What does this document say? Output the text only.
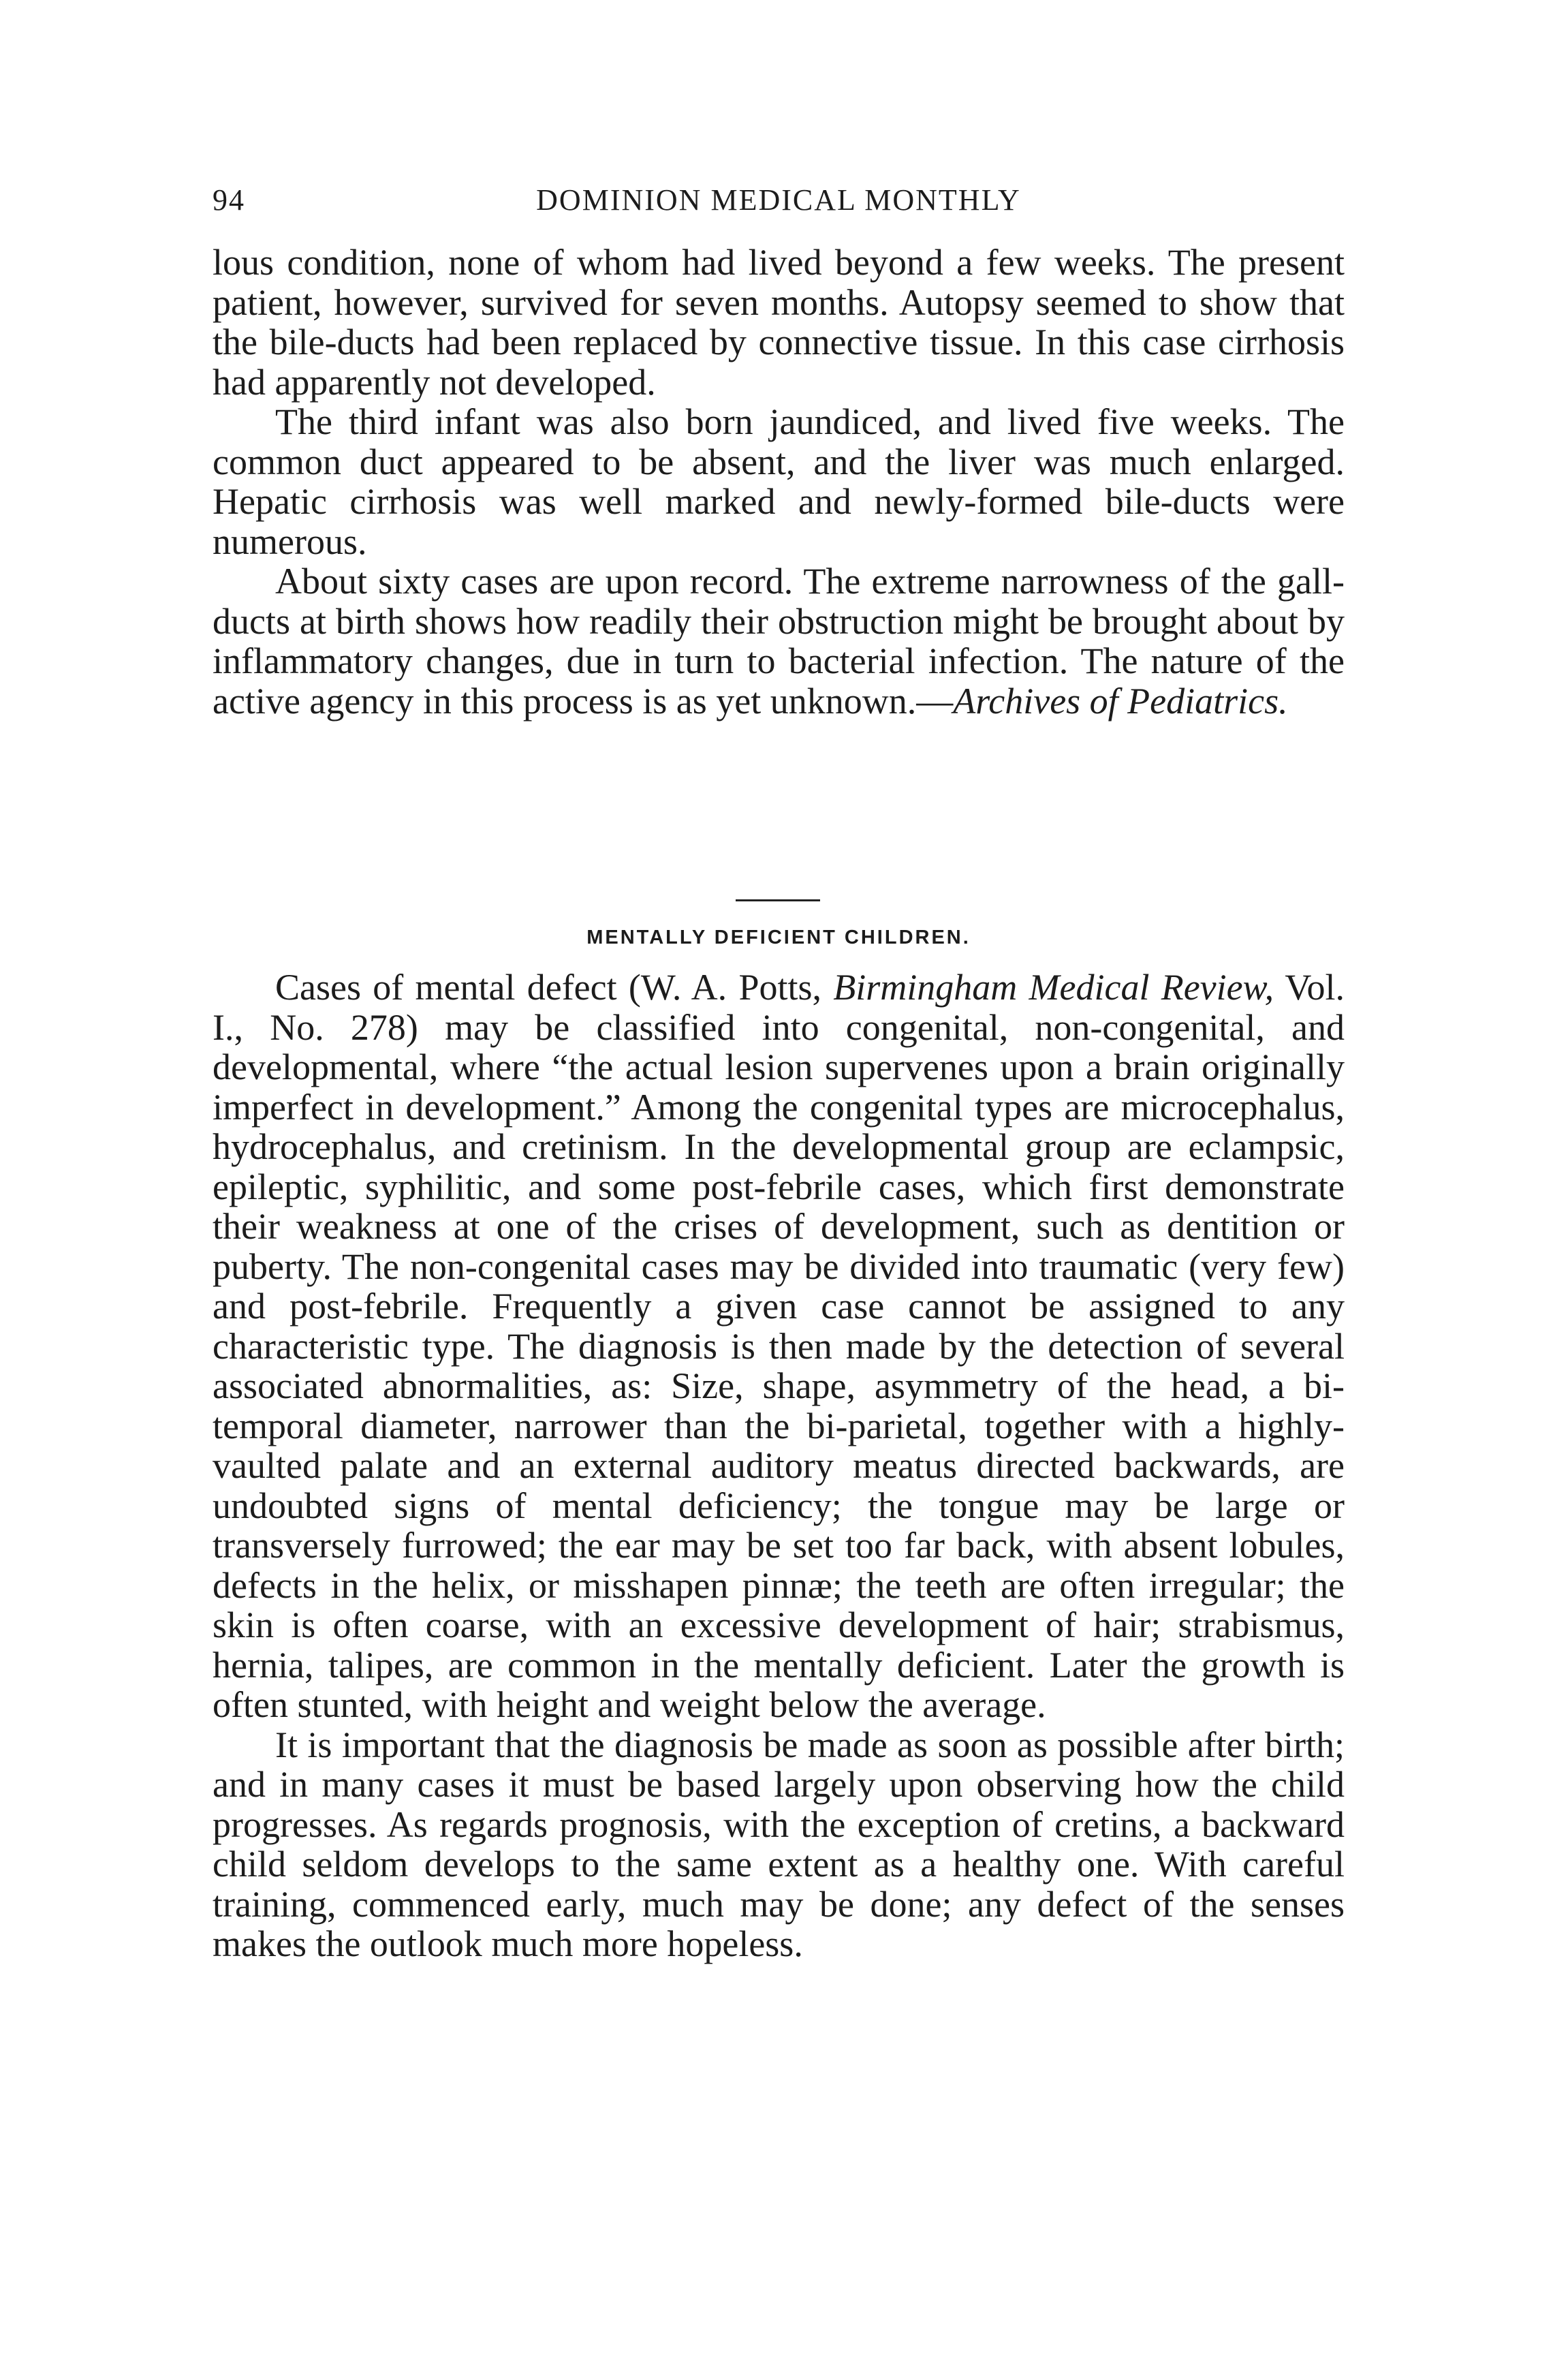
94	DOMINION MEDICAL MONTHLY

lous condition, none of whom had lived beyond a few weeks. The present patient, however, survived for seven months. Autopsy seemed to show that the bile-ducts had been replaced by connective tissue. In this case cirrhosis had apparently not developed.

The third infant was also born jaundiced, and lived five weeks. The common duct appeared to be absent, and the liver was much enlarged. Hepatic cirrhosis was well marked and newly-formed bile-ducts were numerous.

About sixty cases are upon record. The extreme narrowness of the gall-ducts at birth shows how readily their obstruction might be brought about by inflammatory changes, due in turn to bacterial infection. The nature of the active agency in this process is as yet unknown.—Archives of Pediatrics.

MENTALLY DEFICIENT CHILDREN.

Cases of mental defect (W. A. Potts, Birmingham Medical Review, Vol. I., No. 278) may be classified into congenital, non-congenital, and developmental, where “the actual lesion supervenes upon a brain originally imperfect in development.” Among the congenital types are microcephalus, hydrocephalus, and cretinism. In the developmental group are eclampsic, epileptic, syphilitic, and some post-febrile cases, which first demonstrate their weakness at one of the crises of development, such as dentition or puberty. The non-congenital cases may be divided into traumatic (very few) and post-febrile. Frequently a given case cannot be assigned to any characteristic type. The diagnosis is then made by the detection of several associated abnormalities, as: Size, shape, asymmetry of the head, a bi-temporal diameter, narrower than the bi-parietal, together with a highly-vaulted palate and an external auditory meatus directed backwards, are undoubted signs of mental deficiency; the tongue may be large or transversely furrowed; the ear may be set too far back, with absent lobules, defects in the helix, or misshapen pinnæ; the teeth are often irregular; the skin is often coarse, with an excessive development of hair; strabismus, hernia, talipes, are common in the mentally deficient. Later the growth is often stunted, with height and weight below the average.

It is important that the diagnosis be made as soon as possible after birth; and in many cases it must be based largely upon observing how the child progresses. As regards prognosis, with the exception of cretins, a backward child seldom develops to the same extent as a healthy one. With careful training, commenced early, much may be done; any defect of the senses makes the outlook much more hopeless.
